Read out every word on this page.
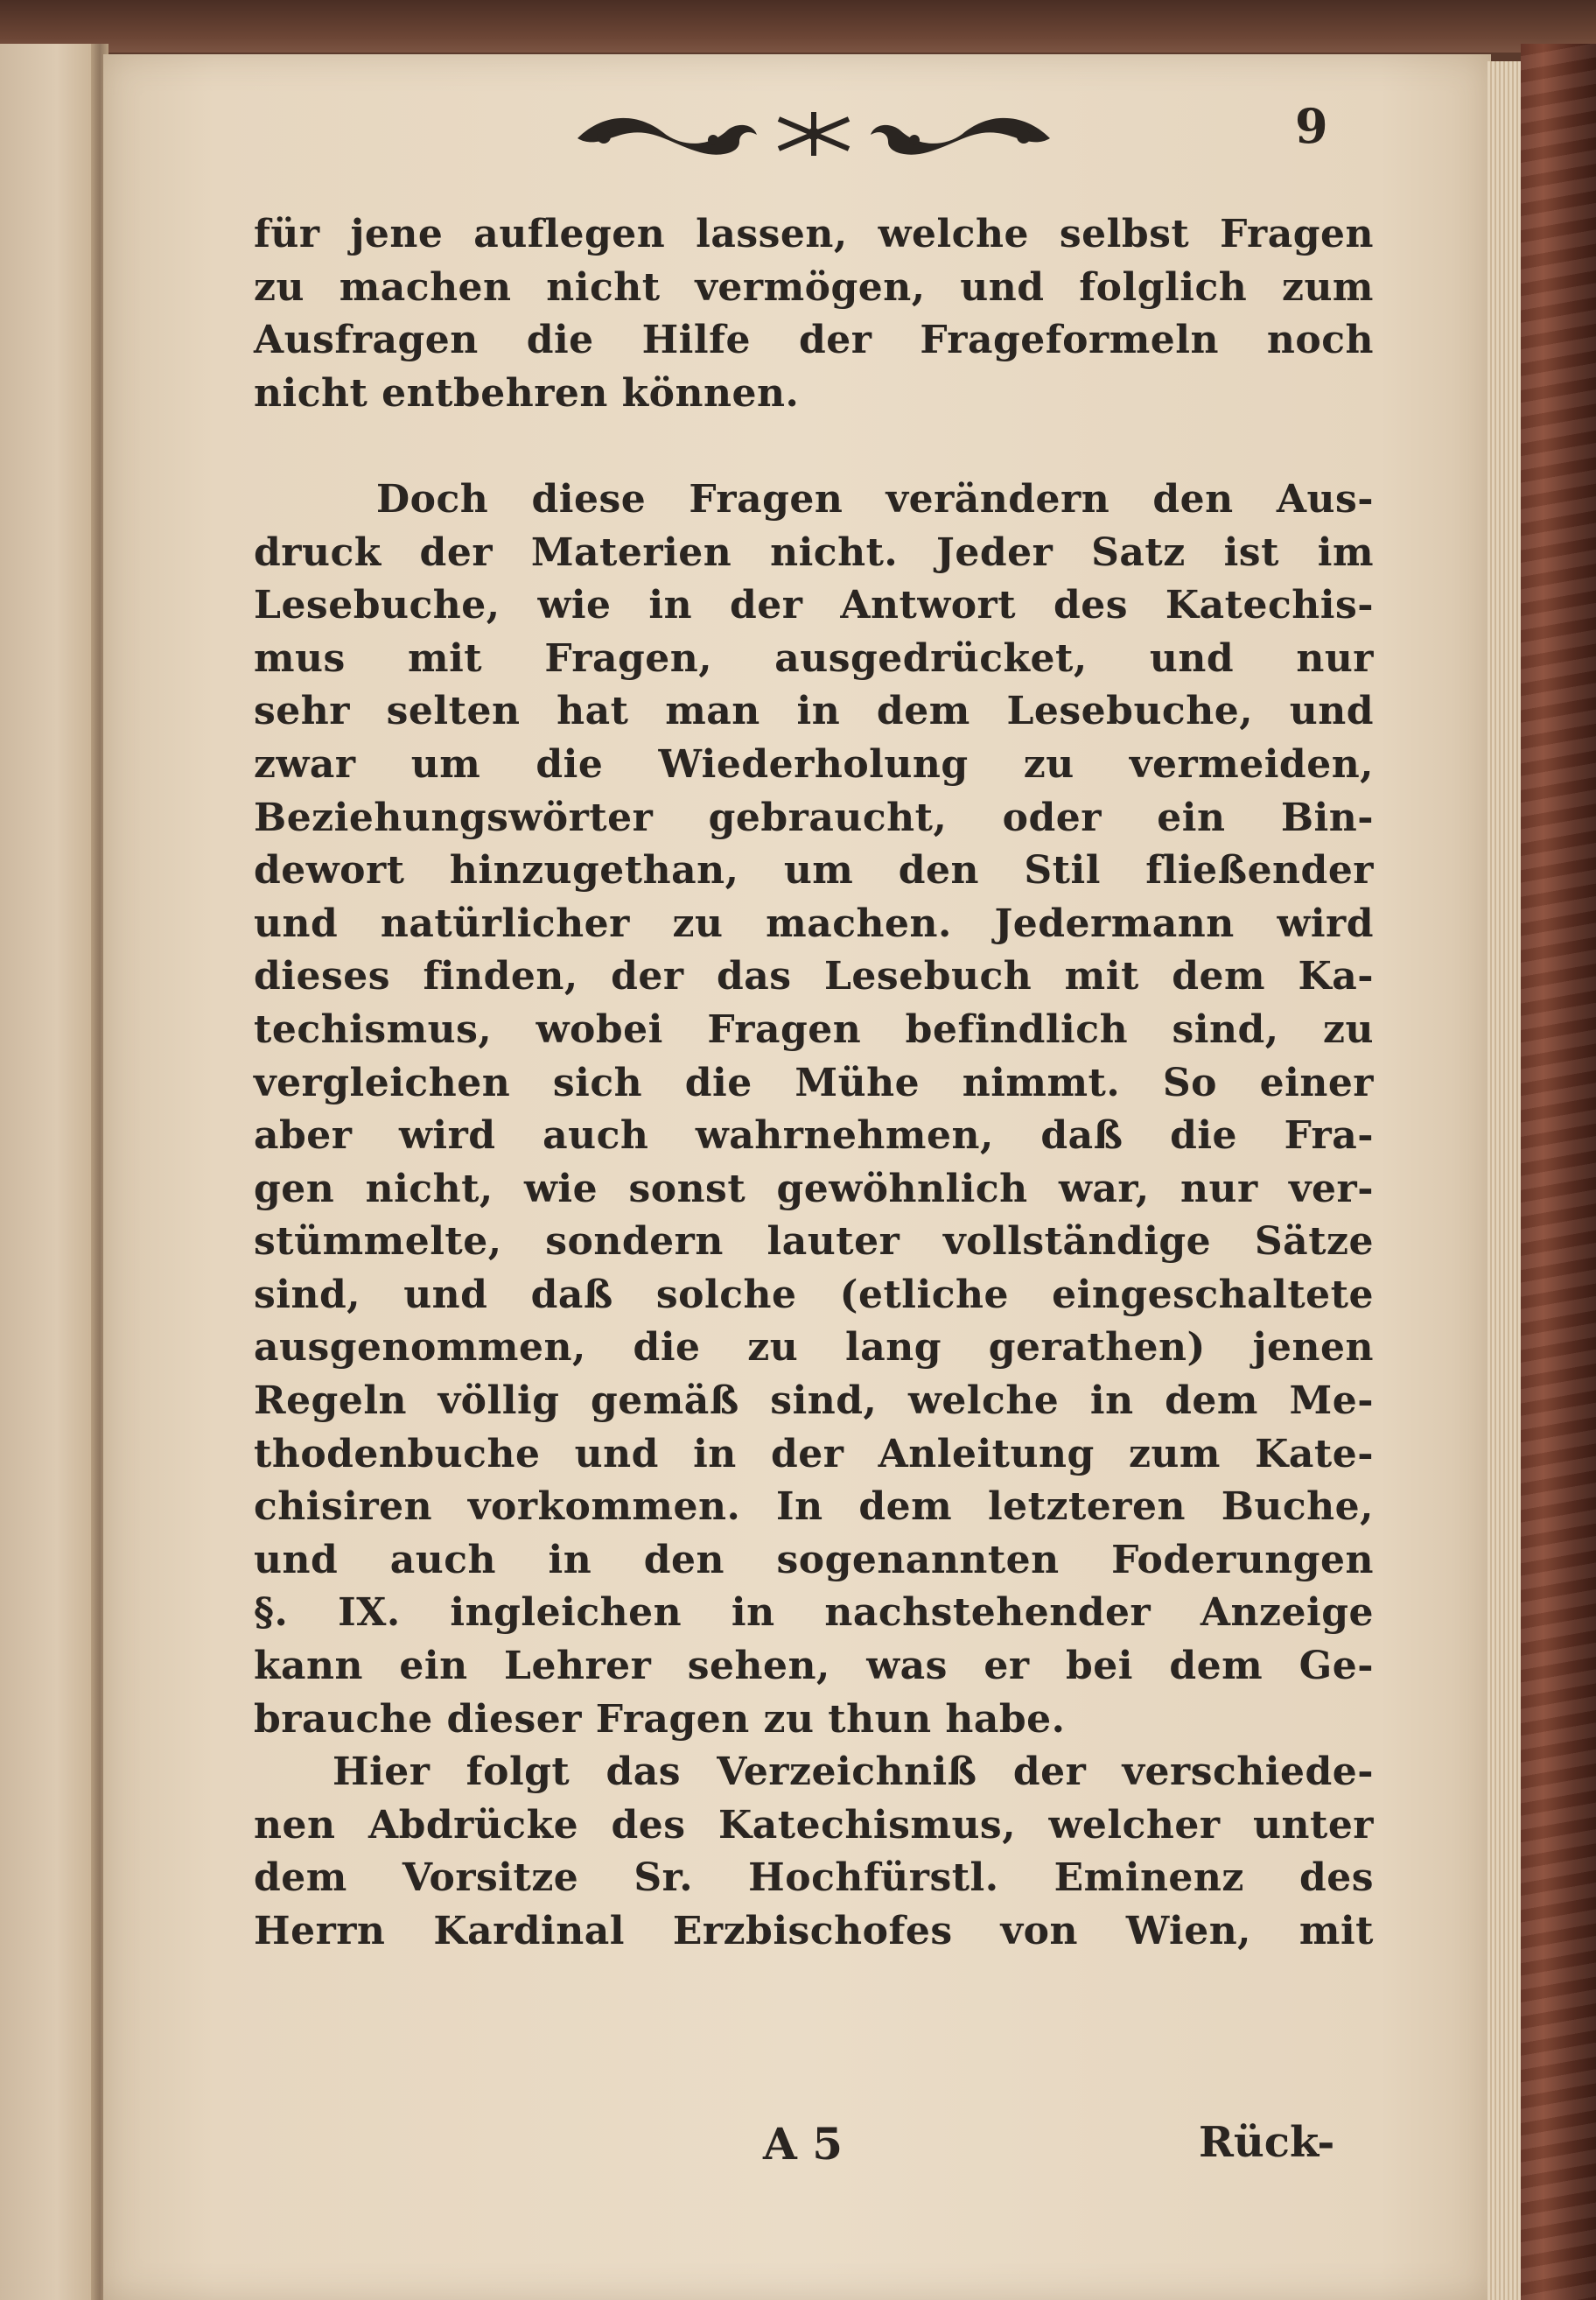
9
für jene auflegen lassen, welche selbst Fragen
zu machen nicht vermögen, und folglich zum
Ausfragen die Hilfe der Frageformeln noch
nicht entbehren können.
Doch diese Fragen verändern den Aus-
druck der Materien nicht. Jeder Satz ist im
Lesebuche, wie in der Antwort des Katechis-
mus mit Fragen, ausgedrücket, und nur
sehr selten hat man in dem Lesebuche, und
zwar um die Wiederholung zu vermeiden,
Beziehungswörter gebraucht, oder ein Bin-
dewort hinzugethan, um den Stil fließender
und natürlicher zu machen. Jedermann wird
dieses finden, der das Lesebuch mit dem Ka-
techismus, wobei Fragen befindlich sind, zu
vergleichen sich die Mühe nimmt. So einer
aber wird auch wahrnehmen, daß die Fra-
gen nicht, wie sonst gewöhnlich war, nur ver-
stümmelte, sondern lauter vollständige Sätze
sind, und daß solche (etliche eingeschaltete
ausgenommen, die zu lang gerathen) jenen
Regeln völlig gemäß sind, welche in dem Me-
thodenbuche und in der Anleitung zum Kate-
chisiren vorkommen. In dem letzteren Buche,
und auch in den sogenannten Foderungen
§. IX. ingleichen in nachstehender Anzeige
kann ein Lehrer sehen, was er bei dem Ge-
brauche dieser Fragen zu thun habe.
Hier folgt das Verzeichniß der verschiede-
nen Abdrücke des Katechismus, welcher unter
dem Vorsitze Sr. Hochfürstl. Eminenz des
Herrn Kardinal Erzbischofes von Wien, mit
A 5	Rück-
